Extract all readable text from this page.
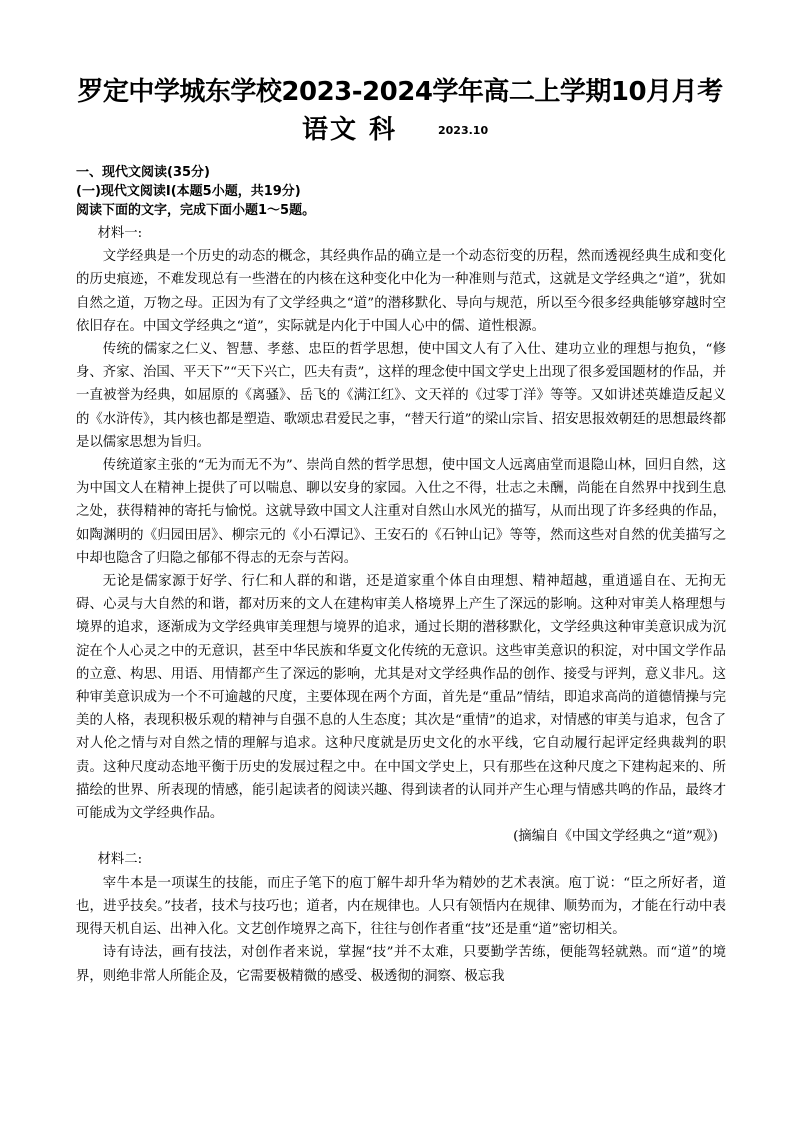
罗定中学城东学校2023-2024学年高二上学期10月月考
语文 科	2023.10
一、现代文阅读(35分)
(一)现代文阅读Ⅰ(本题5小题，共19分)
阅读下面的文字，完成下面小题1～5题。

材料一:

文学经典是一个历史的动态的概念，其经典作品的确立是一个动态衍变的历程，然而透视经典生成和变化的历史痕迹，不难发现总有一些潜在的内核在这种变化中化为一种准则与范式，这就是文学经典之“道”，犹如自然之道，万物之母。正因为有了文学经典之“道”的潜移默化、导向与规范，所以至今很多经典能够穿越时空依旧存在。中国文学经典之“道”，实际就是内化于中国人心中的儒、道性根源。

传统的儒家之仁义、智慧、孝慈、忠臣的哲学思想，使中国文人有了入仕、建功立业的理想与抱负，“修身、齐家、治国、平天下”“天下兴亡，匹夫有责”，这样的理念使中国文学史上出现了很多爱国题材的作品，并一直被誉为经典，如屈原的《离骚》、岳飞的《满江红》、文天祥的《过零丁洋》等等。又如讲述英雄造反起义的《水浒传》，其内核也都是塑造、歌颂忠君爱民之事，“替天行道”的梁山宗旨、招安思报效朝廷的思想最终都是以儒家思想为旨归。

传统道家主张的“无为而无不为”、崇尚自然的哲学思想，使中国文人远离庙堂而退隐山林，回归自然，这为中国文人在精神上提供了可以喘息、聊以安身的家园。入仕之不得，壮志之未酬，尚能在自然界中找到生息之处，获得精神的寄托与愉悦。这就导致中国文人注重对自然山水风光的描写，从而出现了许多经典的作品，如陶渊明的《归园田居》、柳宗元的《小石潭记》、王安石的《石钟山记》等等，然而这些对自然的优美描写之中却也隐含了归隐之郁郁不得志的无奈与苦闷。

无论是儒家源于好学、行仁和人群的和谐，还是道家重个体自由理想、精神超越，重逍遥自在、无拘无碍、心灵与大自然的和谐，都对历来的文人在建构审美人格境界上产生了深远的影响。这种对审美人格理想与境界的追求，逐渐成为文学经典审美理想与境界的追求，通过长期的潜移默化，文学经典这种审美意识成为沉淀在个人心灵之中的无意识，甚至中华民族和华夏文化传统的无意识。这些审美意识的积淀，对中国文学作品的立意、构思、用语、用情都产生了深远的影响，尤其是对文学经典作品的创作、接受与评判，意义非凡。这种审美意识成为一个不可逾越的尺度，主要体现在两个方面，首先是“重品”情结，即追求高尚的道德情操与完美的人格，表现积极乐观的精神与自强不息的人生态度；其次是“重情”的追求，对情感的审美与追求，包含了对人伦之情与对自然之情的理解与追求。这种尺度就是历史文化的水平线，它自动履行起评定经典裁判的职责。这种尺度动态地平衡于历史的发展过程之中。在中国文学史上，只有那些在这种尺度之下建构起来的、所描绘的世界、所表现的情感，能引起读者的阅读兴趣、得到读者的认同并产生心理与情感共鸣的作品，最终才可能成为文学经典作品。

(摘编自《中国文学经典之“道”观》)

材料二:

宰牛本是一项谋生的技能，而庄子笔下的庖丁解牛却升华为精妙的艺术表演。庖丁说：“臣之所好者，道也，进乎技矣。”技者，技术与技巧也；道者，内在规律也。人只有领悟内在规律、顺势而为，才能在行动中表现得天机自运、出神入化。文艺创作境界之高下，往往与创作者重“技”还是重“道”密切相关。

诗有诗法，画有技法，对创作者来说，掌握“技”并不太难，只要勤学苦练，便能驾轻就熟。而“道”的境界，则绝非常人所能企及，它需要极精微的感受、极透彻的洞察、极忘我
